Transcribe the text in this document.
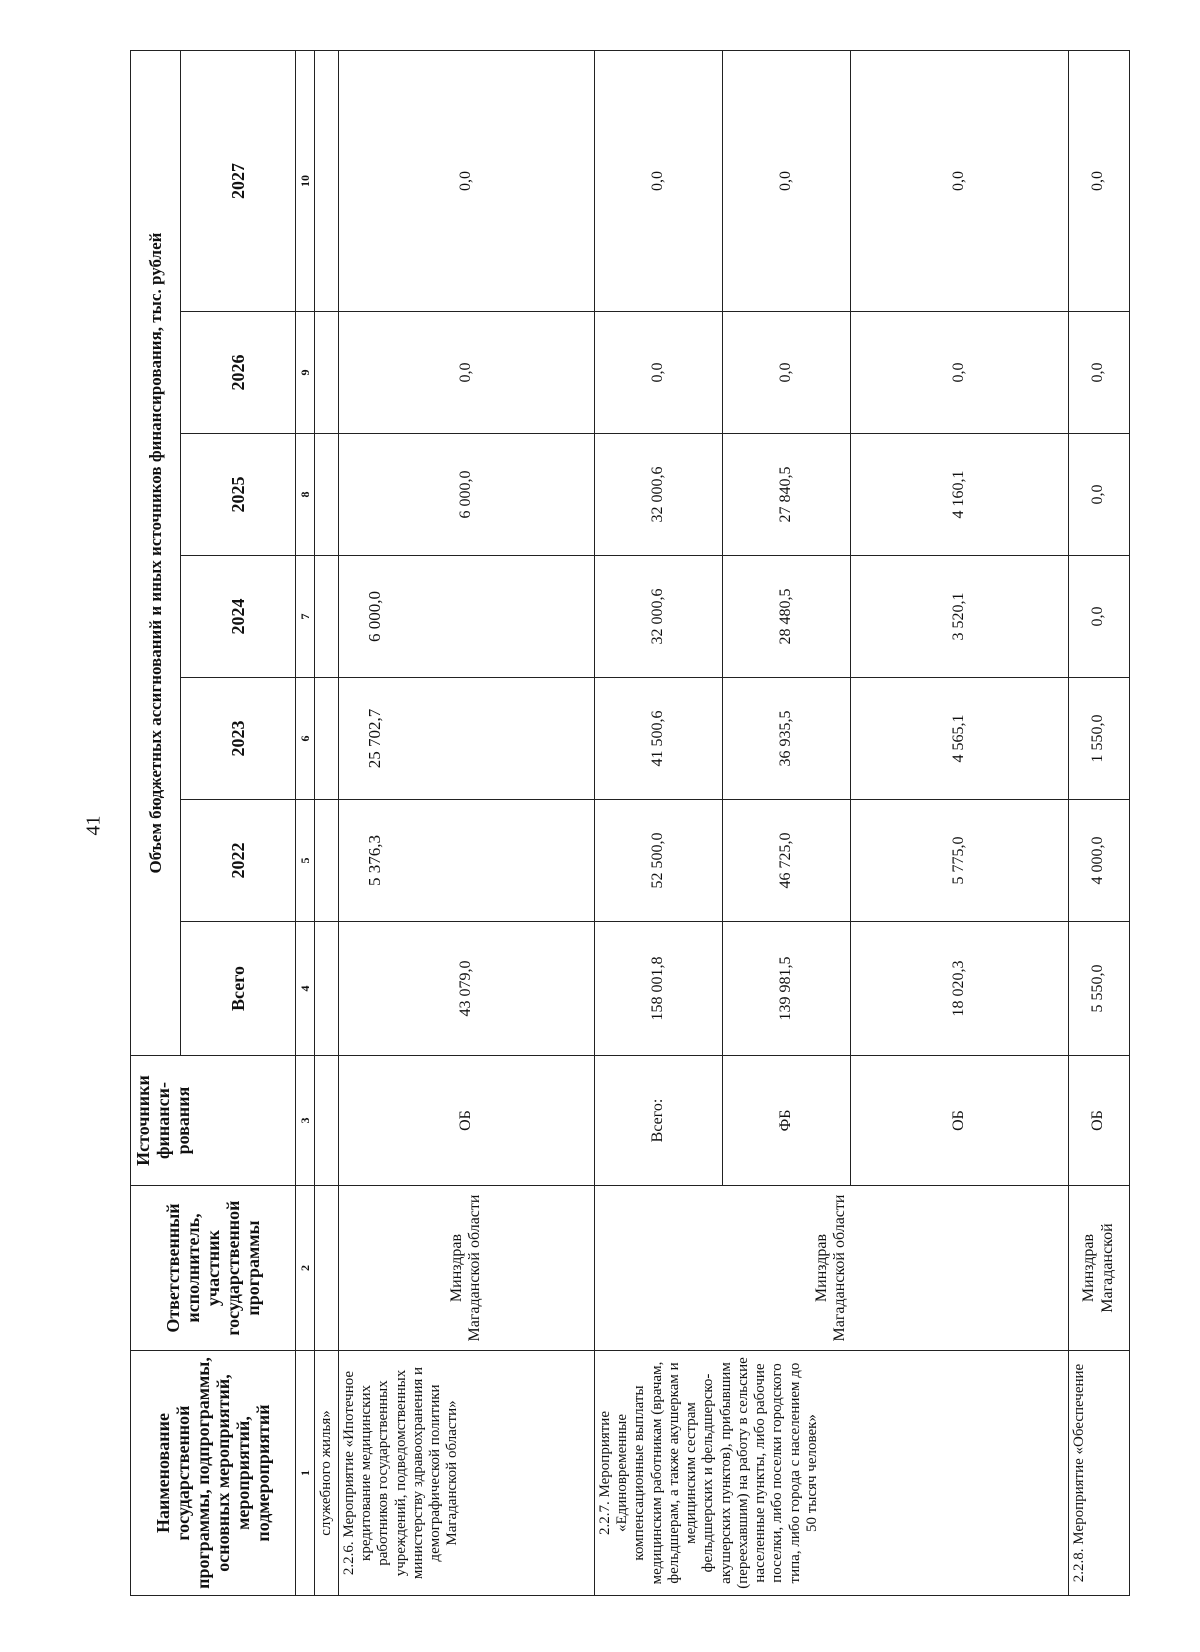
41
Наименование государственной программы, подпрограммы, основных мероприятий, мероприятий, подмероприятий	Ответственный исполнитель, участник государственной программы	Источники финанси-рования	Объем бюджетных ассигнований и иных источников финансирования, тыс. рублей						
			Всего	2022	2023	2024	2025	2026	2027
1	2	3	4	5	6	7	8	9	10
служебного жилья»									
2.2.6. Мероприятие «Ипотечное кредитование медицинских работников государственных учреждений, подведомственных министерству здравоохранения и демографической политики Магаданской области»	Минздрав Магаданской области	ОБ	43 079,0	5 376,3	25 702,7	6 000,0	6 000,0	0,0	0,0
2.2.7. Мероприятие «Единовременные компенсационные выплаты медицинским работникам (врачам, фельдшерам, а также акушеркам и медицинским сестрам фельдшерских и фельдшерско-акушерских пунктов), прибывшим (переехавшим) на работу в сельские населенные пункты, либо рабочие поселки, либо поселки городского типа, либо города с населением до 50 тысяч человек»	Минздрав Магаданской области	Всего:	158 001,8	52 500,0	41 500,6	32 000,6	32 000,6	0,0	0,0
		ФБ	139 981,5	46 725,0	36 935,5	28 480,5	27 840,5	0,0	0,0
		ОБ	18 020,3	5 775,0	4 565,1	3 520,1	4 160,1	0,0	0,0
2.2.8. Мероприятие «Обеспечение	Минздрав Магаданской	ОБ	5 550,0	4 000,0	1 550,0	0,0	0,0	0,0	0,0
